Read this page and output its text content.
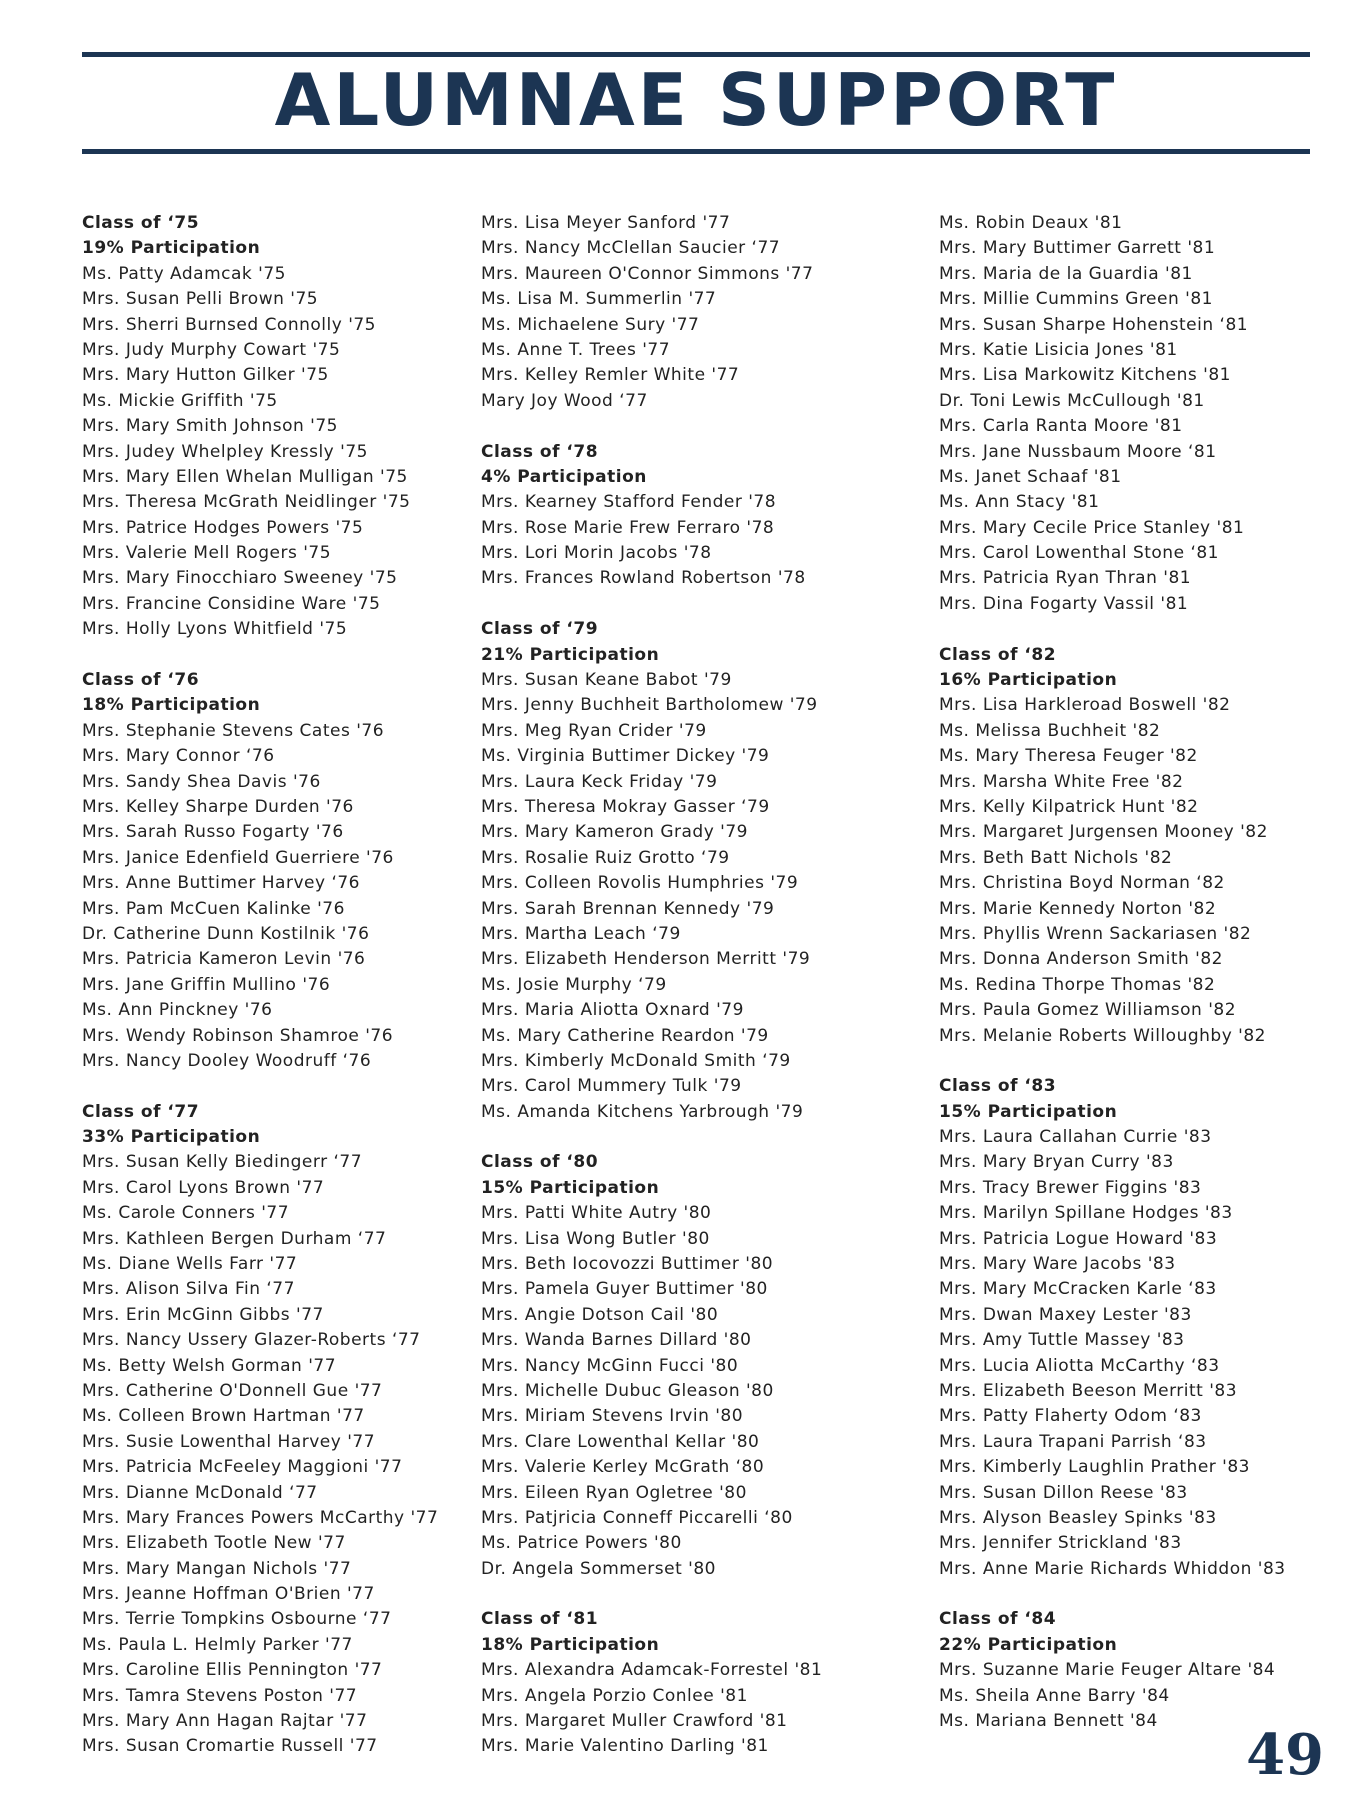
ALUMNAE SUPPORT
Class of ‘75
19% Participation
Ms. Patty Adamcak '75
Mrs. Susan Pelli Brown '75
Mrs. Sherri Burnsed Connolly '75
Mrs. Judy Murphy Cowart '75
Mrs. Mary Hutton Gilker '75
Ms. Mickie Griffith '75
Mrs. Mary Smith Johnson '75
Mrs. Judey Whelpley Kressly '75
Mrs. Mary Ellen Whelan Mulligan '75
Mrs. Theresa McGrath Neidlinger '75
Mrs. Patrice Hodges Powers '75
Mrs. Valerie Mell Rogers '75
Mrs. Mary Finocchiaro Sweeney '75
Mrs. Francine Considine Ware '75
Mrs. Holly Lyons Whitfield '75
Class of ‘76
18% Participation
Mrs. Stephanie Stevens Cates '76
Mrs. Mary Connor ‘76
Mrs. Sandy Shea Davis '76
Mrs. Kelley Sharpe Durden '76
Mrs. Sarah Russo Fogarty '76
Mrs. Janice Edenfield Guerriere '76
Mrs. Anne Buttimer Harvey ‘76
Mrs. Pam McCuen Kalinke '76
Dr. Catherine Dunn Kostilnik '76
Mrs. Patricia Kameron Levin '76
Mrs. Jane Griffin Mullino '76
Ms. Ann Pinckney '76
Mrs. Wendy Robinson Shamroe '76
Mrs. Nancy Dooley Woodruff ‘76
Class of ‘77
33% Participation
Mrs. Susan Kelly Biedingerr ‘77
Mrs. Carol Lyons Brown '77
Ms. Carole Conners '77
Mrs. Kathleen Bergen Durham ‘77
Ms. Diane Wells Farr '77
Mrs. Alison Silva Fin ‘77
Mrs. Erin McGinn Gibbs '77
Mrs. Nancy Ussery Glazer-Roberts ‘77
Ms. Betty Welsh Gorman '77
Mrs. Catherine O'Donnell Gue '77
Ms. Colleen Brown Hartman '77
Mrs. Susie Lowenthal Harvey '77
Mrs. Patricia McFeeley Maggioni '77
Mrs. Dianne McDonald ‘77
Mrs. Mary Frances Powers McCarthy '77
Mrs. Elizabeth Tootle New '77
Mrs. Mary Mangan Nichols '77
Mrs. Jeanne Hoffman O'Brien '77
Mrs. Terrie Tompkins Osbourne ‘77
Ms. Paula L. Helmly Parker '77
Mrs. Caroline Ellis Pennington '77
Mrs. Tamra Stevens Poston '77
Mrs. Mary Ann Hagan Rajtar '77
Mrs. Susan Cromartie Russell '77
Mrs. Lisa Meyer Sanford '77
Mrs. Nancy McClellan Saucier ‘77
Mrs. Maureen O'Connor Simmons '77
Ms. Lisa M. Summerlin '77
Ms. Michaelene Sury '77
Ms. Anne T. Trees '77
Mrs. Kelley Remler White '77
Mary Joy Wood ‘77
Class of ‘78
4% Participation
Mrs. Kearney Stafford Fender '78
Mrs. Rose Marie Frew Ferraro '78
Mrs. Lori Morin Jacobs '78
Mrs. Frances Rowland Robertson '78
Class of ‘79
21% Participation
Mrs. Susan Keane Babot '79
Mrs. Jenny Buchheit Bartholomew '79
Mrs. Meg Ryan Crider '79
Ms. Virginia Buttimer Dickey '79
Mrs. Laura Keck Friday '79
Mrs. Theresa Mokray Gasser ‘79
Mrs. Mary Kameron Grady '79
Mrs. Rosalie Ruiz Grotto ‘79
Mrs. Colleen Rovolis Humphries '79
Mrs. Sarah Brennan Kennedy '79
Mrs. Martha Leach ‘79
Mrs. Elizabeth Henderson Merritt '79
Ms. Josie Murphy ‘79
Mrs. Maria Aliotta Oxnard '79
Ms. Mary Catherine Reardon '79
Mrs. Kimberly McDonald Smith ‘79
Mrs. Carol Mummery Tulk '79
Ms. Amanda Kitchens Yarbrough '79
Class of ‘80
15% Participation
Mrs. Patti White Autry '80
Mrs. Lisa Wong Butler '80
Mrs. Beth Iocovozzi Buttimer '80
Mrs. Pamela Guyer Buttimer '80
Mrs. Angie Dotson Cail '80
Mrs. Wanda Barnes Dillard '80
Mrs. Nancy McGinn Fucci '80
Mrs. Michelle Dubuc Gleason '80
Mrs. Miriam Stevens Irvin '80
Mrs. Clare Lowenthal Kellar '80
Mrs. Valerie Kerley McGrath ‘80
Mrs. Eileen Ryan Ogletree '80
Mrs. Patjricia Conneff Piccarelli ‘80
Ms. Patrice Powers '80
Dr. Angela Sommerset '80
Class of ‘81
18% Participation
Mrs. Alexandra Adamcak-Forrestel '81
Mrs. Angela Porzio Conlee '81
Mrs. Margaret Muller Crawford '81
Mrs. Marie Valentino Darling '81
Ms. Robin Deaux '81
Mrs. Mary Buttimer Garrett '81
Mrs. Maria de la Guardia '81
Mrs. Millie Cummins Green '81
Mrs. Susan Sharpe Hohenstein ‘81
Mrs. Katie Lisicia Jones '81
Mrs. Lisa Markowitz Kitchens '81
Dr. Toni Lewis McCullough '81
Mrs. Carla Ranta Moore '81
Mrs. Jane Nussbaum Moore ‘81
Ms. Janet Schaaf '81
Ms. Ann Stacy '81
Mrs. Mary Cecile Price Stanley '81
Mrs. Carol Lowenthal Stone ‘81
Mrs. Patricia Ryan Thran '81
Mrs. Dina Fogarty Vassil '81
Class of ‘82
16% Participation
Mrs. Lisa Harkleroad Boswell '82
Ms. Melissa Buchheit '82
Ms. Mary Theresa Feuger '82
Mrs. Marsha White Free '82
Mrs. Kelly Kilpatrick Hunt '82
Mrs. Margaret Jurgensen Mooney '82
Mrs. Beth Batt Nichols '82
Mrs. Christina Boyd Norman ‘82
Mrs. Marie Kennedy Norton '82
Mrs. Phyllis Wrenn Sackariasen '82
Mrs. Donna Anderson Smith '82
Ms. Redina Thorpe Thomas '82
Mrs. Paula Gomez Williamson '82
Mrs. Melanie Roberts Willoughby '82
Class of ‘83
15% Participation
Mrs. Laura Callahan Currie '83
Mrs. Mary Bryan Curry '83
Mrs. Tracy Brewer Figgins '83
Mrs. Marilyn Spillane Hodges '83
Mrs. Patricia Logue Howard '83
Mrs. Mary Ware Jacobs '83
Mrs. Mary McCracken Karle ‘83
Mrs. Dwan Maxey Lester '83
Mrs. Amy Tuttle Massey '83
Mrs. Lucia Aliotta McCarthy ‘83
Mrs. Elizabeth Beeson Merritt '83
Mrs. Patty Flaherty Odom ‘83
Mrs. Laura Trapani Parrish ‘83
Mrs. Kimberly Laughlin Prather '83
Mrs. Susan Dillon Reese '83
Mrs. Alyson Beasley Spinks '83
Mrs. Jennifer Strickland '83
Mrs. Anne Marie Richards Whiddon '83
Class of ‘84
22% Participation
Mrs. Suzanne Marie Feuger Altare '84
Ms. Sheila Anne Barry '84
Ms. Mariana Bennett '84
49
